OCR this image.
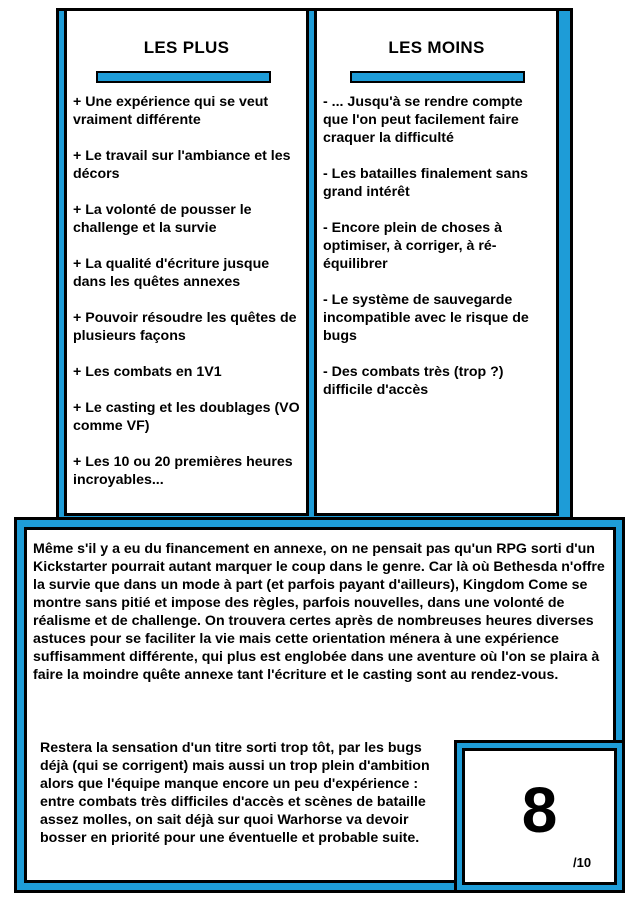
LES PLUS
+ Une expérience qui se veut vraiment différente
+ Le travail sur l'ambiance et les décors
+ La volonté de pousser le challenge et la survie
+ La qualité d'écriture jusque dans les quêtes annexes
+ Pouvoir résoudre les quêtes de plusieurs façons
+ Les combats en 1V1
+ Le casting et les doublages (VO comme VF)
+ Les 10 ou 20 premières heures incroyables...
LES MOINS
- ... Jusqu'à se rendre compte que l'on peut facilement faire craquer la difficulté
- Les batailles finalement sans grand intérêt
- Encore plein de choses à optimiser, à corriger, à ré-équilibrer
- Le système de sauvegarde incompatible avec le risque de bugs
- Des combats très (trop ?) difficile d'accès
Même s'il y a eu du financement en annexe, on ne pensait pas qu'un RPG sorti d'un Kickstarter pourrait autant marquer le coup dans le genre. Car là où Bethesda n'offre la survie que dans un mode à part (et parfois payant d'ailleurs), Kingdom Come se montre sans pitié et impose des règles, parfois nouvelles, dans une volonté de réalisme et de challenge. On trouvera certes après de nombreuses heures diverses astuces pour se faciliter la vie mais cette orientation ménera à une expérience suffisamment différente, qui plus est englobée dans une aventure où l'on se plaira à faire la moindre quête annexe tant l'écriture et le casting sont au rendez-vous.
Restera la sensation d'un titre sorti trop tôt, par les bugs déjà (qui se corrigent) mais aussi un trop plein d'ambition alors que l'équipe manque encore un peu d'expérience : entre combats très difficiles d'accès et scènes de bataille assez molles, on sait déjà sur quoi Warhorse va devoir bosser en priorité pour une éventuelle et probable suite.	8
/10
